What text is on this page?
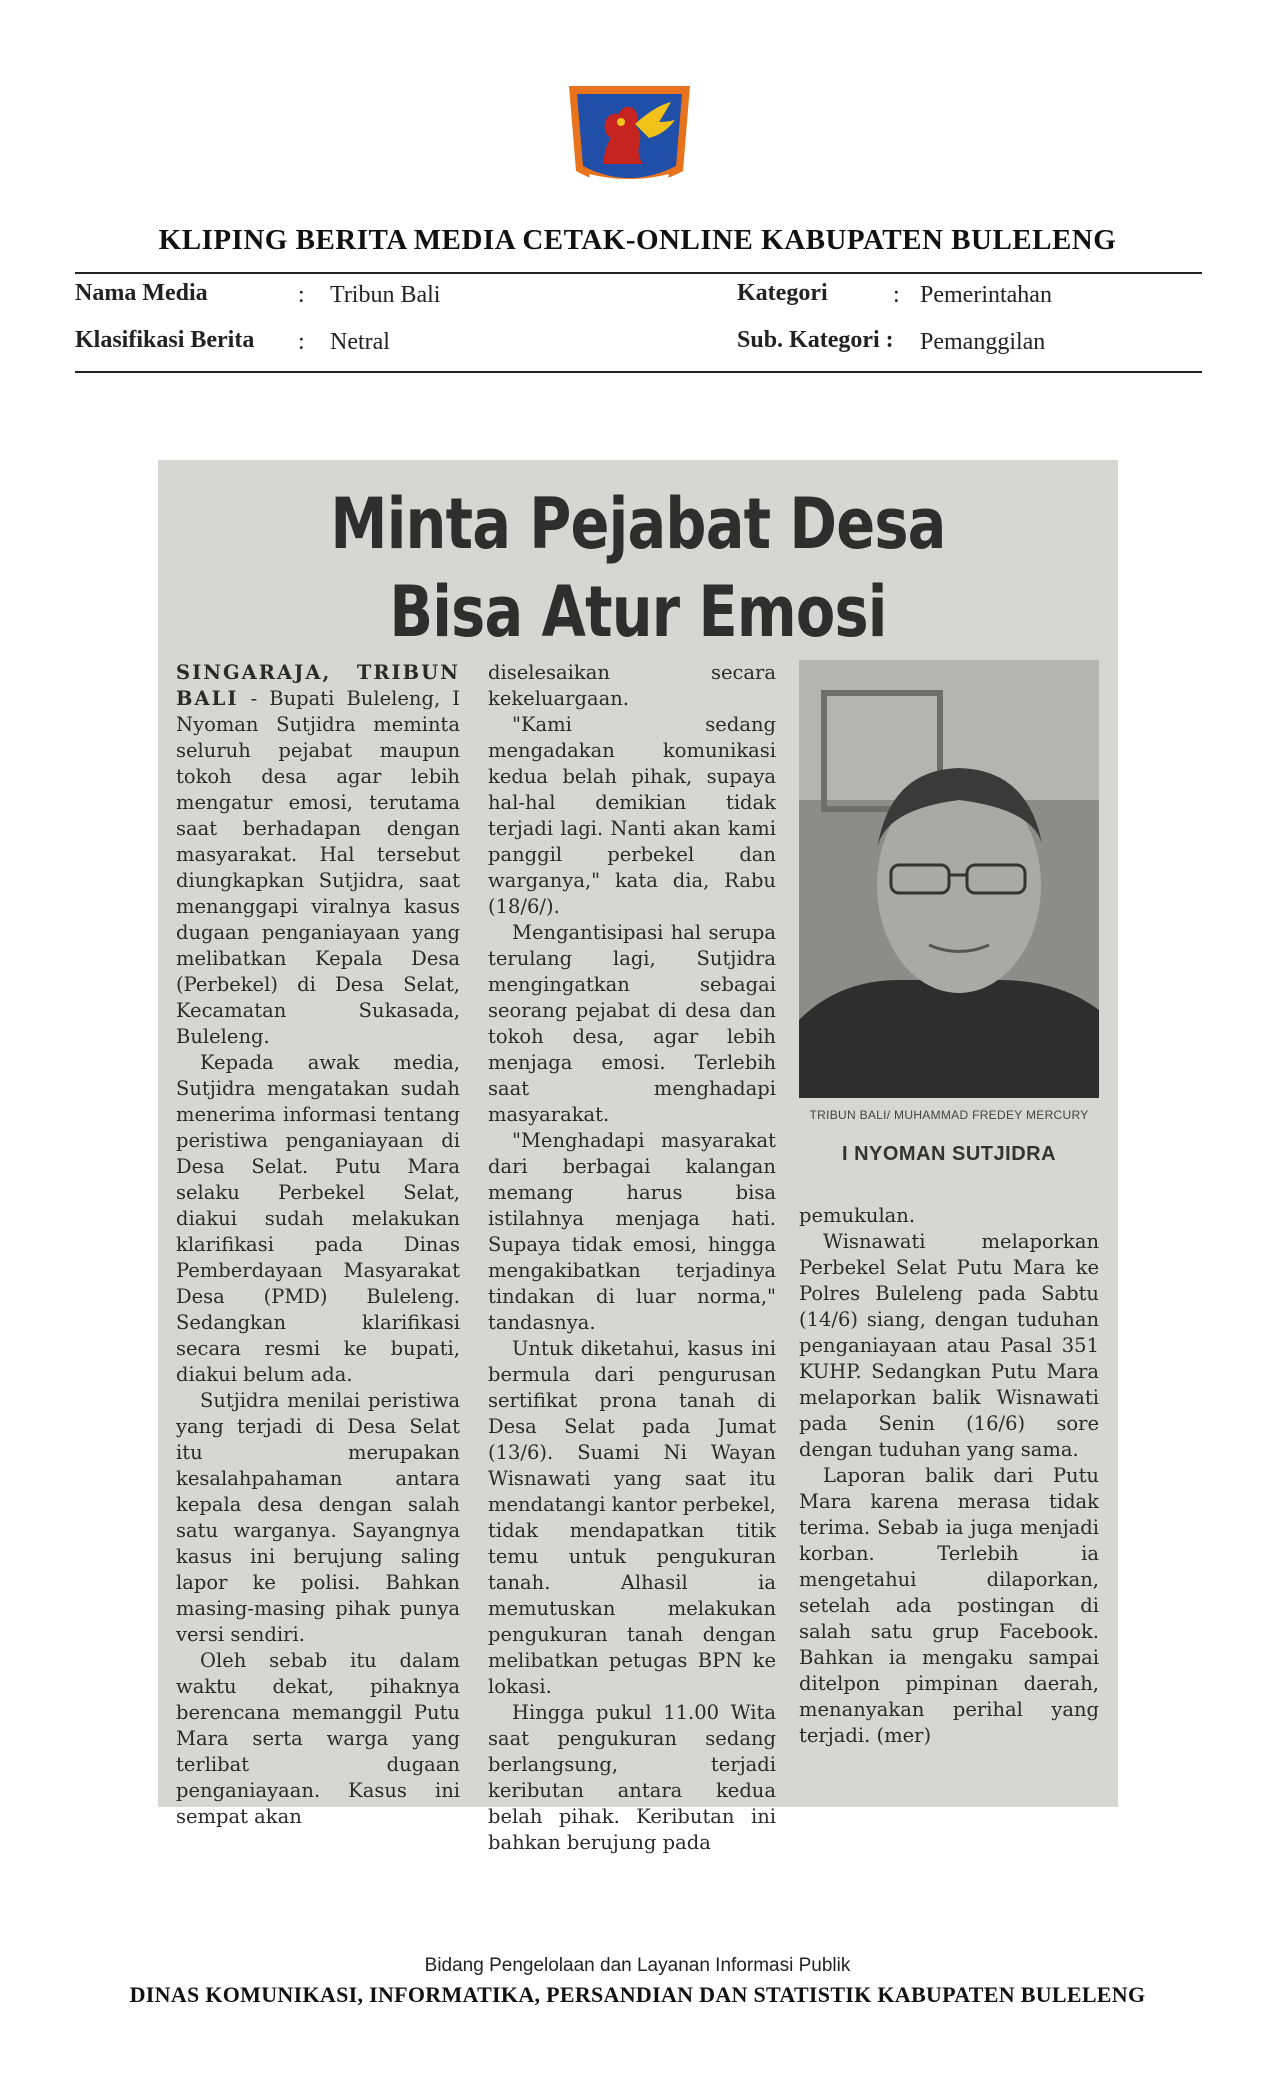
KLIPING BERITA MEDIA CETAK-ONLINE KABUPATEN BULELENG
Nama Media	: Tribun Bali
Klasifikasi Berita : Netral
Kategori	: Pemerintahan
Sub. Kategori : Pemanggilan
Minta Pejabat Desa
Bisa Atur Emosi

SINGARAJA, TRIBUN BALI - Bupati Buleleng, I Nyoman Sutjidra meminta seluruh pejabat maupun tokoh desa agar lebih mengatur emosi, terutama saat berhadapan dengan masyarakat. Hal tersebut diungkapkan Sutjidra, saat menanggapi viralnya kasus dugaan penganiayaan yang melibatkan Kepala Desa (Perbekel) di Desa Selat, Kecamatan Sukasada, Buleleng.

Kepada awak media, Sutjidra mengatakan sudah menerima informasi tentang peristiwa penganiayaan di Desa Selat. Putu Mara selaku Perbekel Selat, diakui sudah melakukan klarifikasi pada Dinas Pemberdayaan Masyarakat Desa (PMD) Buleleng. Sedangkan klarifikasi secara resmi ke bupati, diakui belum ada.

Sutjidra menilai peristiwa yang terjadi di Desa Selat itu merupakan kesalahpahaman antara kepala desa dengan salah satu warganya. Sayangnya kasus ini berujung saling lapor ke polisi. Bahkan masing-masing pihak punya versi sendiri.

Oleh sebab itu dalam waktu dekat, pihaknya berencana memanggil Putu Mara serta warga yang terlibat dugaan penganiayaan. Kasus ini sempat akan

diselesaikan secara kekeluargaan.

"Kami sedang mengadakan komunikasi kedua belah pihak, supaya hal-hal demikian tidak terjadi lagi. Nanti akan kami panggil perbekel dan warganya," kata dia, Rabu (18/6/).

Mengantisipasi hal serupa terulang lagi, Sutjidra mengingatkan sebagai seorang pejabat di desa dan tokoh desa, agar lebih menjaga emosi. Terlebih saat menghadapi masyarakat.

"Menghadapi masyarakat dari berbagai kalangan memang harus bisa istilahnya menjaga hati. Supaya tidak emosi, hingga mengakibatkan terjadinya tindakan di luar norma," tandasnya.

Untuk diketahui, kasus ini bermula dari pengurusan sertifikat prona tanah di Desa Selat pada Jumat (13/6). Suami Ni Wayan Wisnawati yang saat itu mendatangi kantor perbekel, tidak mendapatkan titik temu untuk pengukuran tanah. Alhasil ia memutuskan melakukan pengukuran tanah dengan melibatkan petugas BPN ke lokasi.

Hingga pukul 11.00 Wita saat pengukuran sedang berlangsung, terjadi keributan antara kedua belah pihak. Keributan ini bahkan berujung pada

TRIBUN BALI/ MUHAMMAD FREDEY MERCURY
I NYOMAN SUTJIDRA

pemukulan.

Wisnawati melaporkan Perbekel Selat Putu Mara ke Polres Buleleng pada Sabtu (14/6) siang, dengan tuduhan penganiayaan atau Pasal 351 KUHP. Sedangkan Putu Mara melaporkan balik Wisnawati pada Senin (16/6) sore dengan tuduhan yang sama.

Laporan balik dari Putu Mara karena merasa tidak terima. Sebab ia juga menjadi korban. Terlebih ia mengetahui dilaporkan, setelah ada postingan di salah satu grup Facebook. Bahkan ia mengaku sampai ditelpon pimpinan daerah, menanyakan perihal yang terjadi. (mer)

Bidang Pengelolaan dan Layanan Informasi Publik
DINAS KOMUNIKASI, INFORMATIKA, PERSANDIAN DAN STATISTIK KABUPATEN BULELENG
